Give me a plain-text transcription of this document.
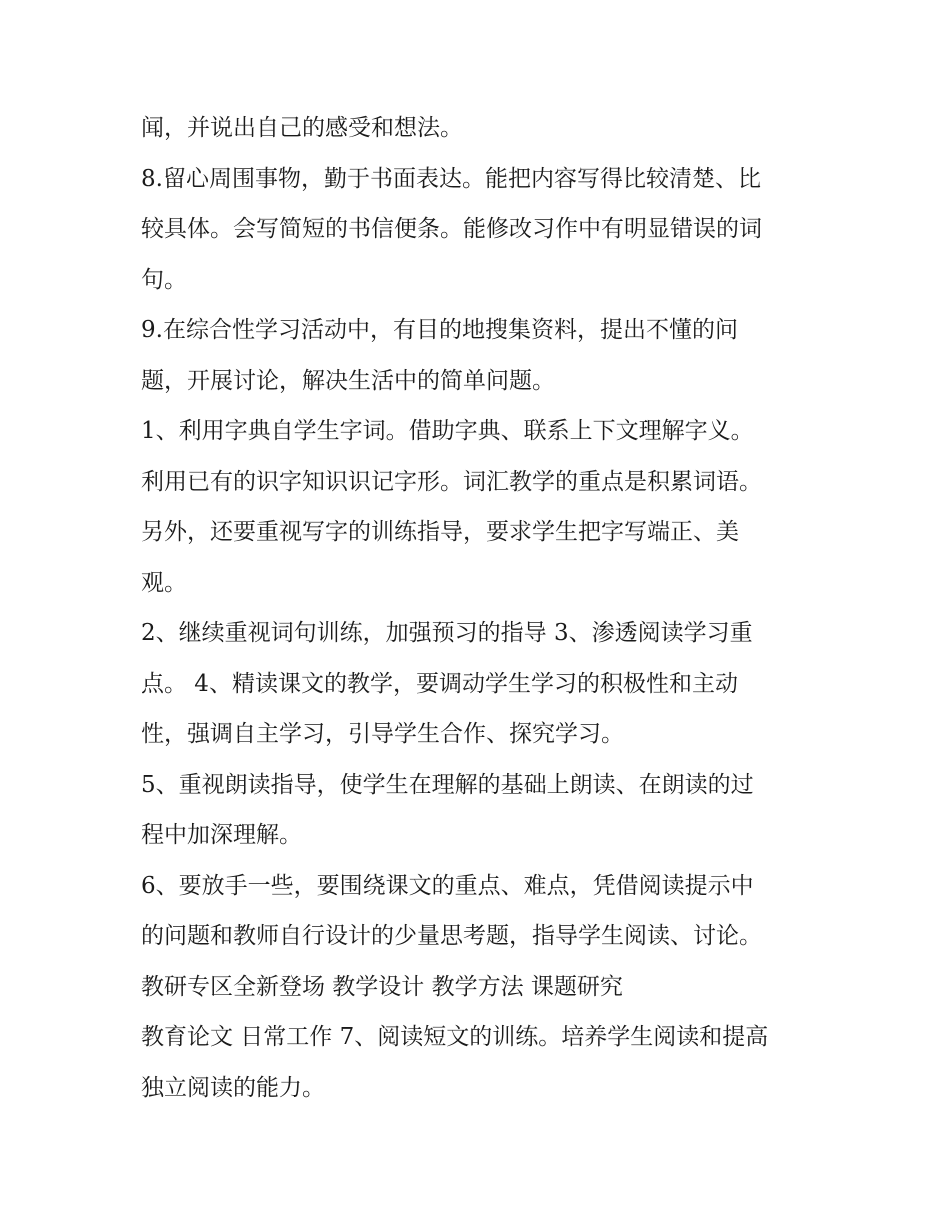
闻，并说出自己的感受和想法。
8.留心周围事物，勤于书面表达。能把内容写得比较清楚、比
较具体。会写简短的书信便条。能修改习作中有明显错误的词
句。
9.在综合性学习活动中，有目的地搜集资料，提出不懂的问
题，开展讨论，解决生活中的简单问题。
1、利用字典自学生字词。借助字典、联系上下文理解字义。
利用已有的识字知识识记字形。词汇教学的重点是积累词语。
另外，还要重视写字的训练指导，要求学生把字写端正、美
观。
2、继续重视词句训练，加强预习的指导 3、渗透阅读学习重
点。 4、精读课文的教学，要调动学生学习的积极性和主动
性，强调自主学习，引导学生合作、探究学习。
5、重视朗读指导，使学生在理解的基础上朗读、在朗读的过
程中加深理解。
6、要放手一些，要围绕课文的重点、难点，凭借阅读提示中
的问题和教师自行设计的少量思考题，指导学生阅读、讨论。
教研专区全新登场 教学设计 教学方法 课题研究
教育论文 日常工作 7、阅读短文的训练。培养学生阅读和提高
独立阅读的能力。
